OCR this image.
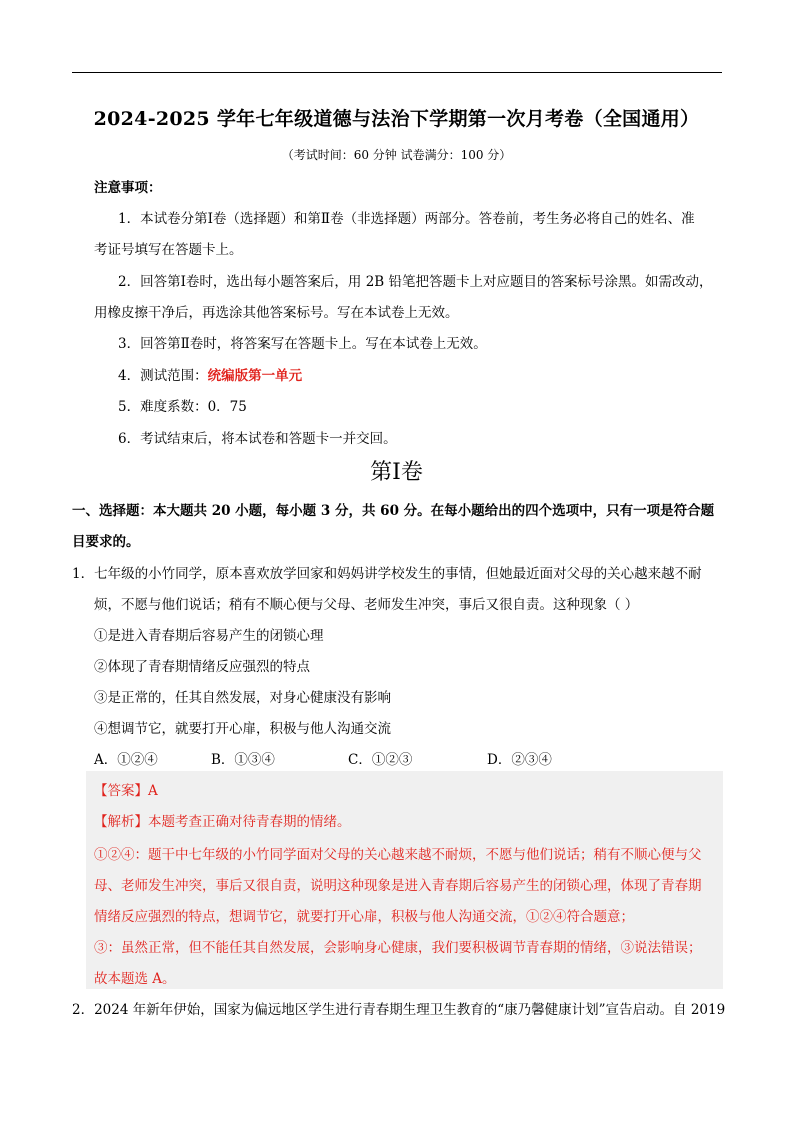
2024-2025 学年七年级道德与法治下学期第一次月考卷（全国通用）
（考试时间：60 分钟 试卷满分：100 分）
注意事项：
1．本试卷分第Ⅰ卷（选择题）和第Ⅱ卷（非选择题）两部分。答卷前，考生务必将自己的姓名、准
考证号填写在答题卡上。
2．回答第Ⅰ卷时，选出每小题答案后，用 2B 铅笔把答题卡上对应题目的答案标号涂黑。如需改动，
用橡皮擦干净后，再选涂其他答案标号。写在本试卷上无效。
3．回答第Ⅱ卷时，将答案写在答题卡上。写在本试卷上无效。
4．测试范围：统编版第一单元
5．难度系数：0．75
6．考试结束后，将本试卷和答题卡一并交回。
第Ⅰ卷
一、选择题：本大题共 20 小题，每小题 3 分，共 60 分。在每小题给出的四个选项中，只有一项是符合题
目要求的。
1．七年级的小竹同学，原本喜欢放学回家和妈妈讲学校发生的事情，但她最近面对父母的关心越来越不耐
烦，不愿与他们说话；稍有不顺心便与父母、老师发生冲突，事后又很自责。这种现象（ ）
①是进入青春期后容易产生的闭锁心理
②体现了青春期情绪反应强烈的特点
③是正常的，任其自然发展，对身心健康没有影响
④想调节它，就要打开心扉，积极与他人沟通交流
A．①②④	B．①③④	C．①②③	D．②③④
【答案】A
【解析】本题考查正确对待青春期的情绪。
①②④：题干中七年级的小竹同学面对父母的关心越来越不耐烦，不愿与他们说话；稍有不顺心便与父
母、老师发生冲突，事后又很自责，说明这种现象是进入青春期后容易产生的闭锁心理，体现了青春期
情绪反应强烈的特点，想调节它，就要打开心扉，积极与他人沟通交流，①②④符合题意；
③：虽然正常，但不能任其自然发展，会影响身心健康，我们要积极调节青春期的情绪，③说法错误；
故本题选 A。
2．2024 年新年伊始，国家为偏远地区学生进行青春期生理卫生教育的“康乃馨健康计划”宣告启动。自 2019
